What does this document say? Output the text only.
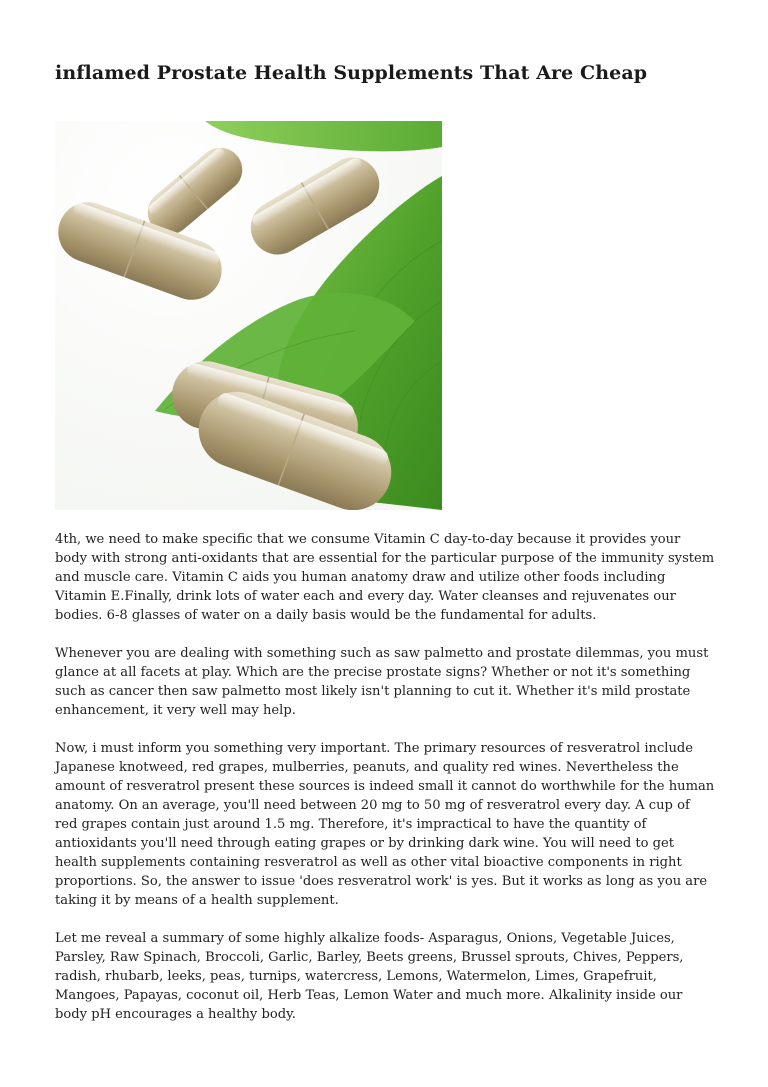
inflamed Prostate Health Supplements That Are Cheap

4th, we need to make specific that we consume Vitamin C day-to-day because it provides your body with strong anti-oxidants that are essential for the particular purpose of the immunity system and muscle care. Vitamin C aids you human anatomy draw and utilize other foods including Vitamin E.Finally, drink lots of water each and every day. Water cleanses and rejuvenates our bodies. 6-8 glasses of water on a daily basis would be the fundamental for adults.

Whenever you are dealing with something such as saw palmetto and prostate dilemmas, you must glance at all facets at play. Which are the precise prostate signs? Whether or not it's something such as cancer then saw palmetto most likely isn't planning to cut it. Whether it's mild prostate enhancement, it very well may help.

Now, i must inform you something very important. The primary resources of resveratrol include Japanese knotweed, red grapes, mulberries, peanuts, and quality red wines. Nevertheless the amount of resveratrol present these sources is indeed small it cannot do worthwhile for the human anatomy. On an average, you'll need between 20 mg to 50 mg of resveratrol every day. A cup of red grapes contain just around 1.5 mg. Therefore, it's impractical to have the quantity of antioxidants you'll need through eating grapes or by drinking dark wine. You will need to get health supplements containing resveratrol as well as other vital bioactive components in right proportions. So, the answer to issue 'does resveratrol work' is yes. But it works as long as you are taking it by means of a health supplement.

Let me reveal a summary of some highly alkalize foods- Asparagus, Onions, Vegetable Juices, Parsley, Raw Spinach, Broccoli, Garlic, Barley, Beets greens, Brussel sprouts, Chives, Peppers, radish, rhubarb, leeks, peas, turnips, watercress, Lemons, Watermelon, Limes, Grapefruit, Mangoes, Papayas, coconut oil, Herb Teas, Lemon Water and much more. Alkalinity inside our body pH encourages a healthy body.
